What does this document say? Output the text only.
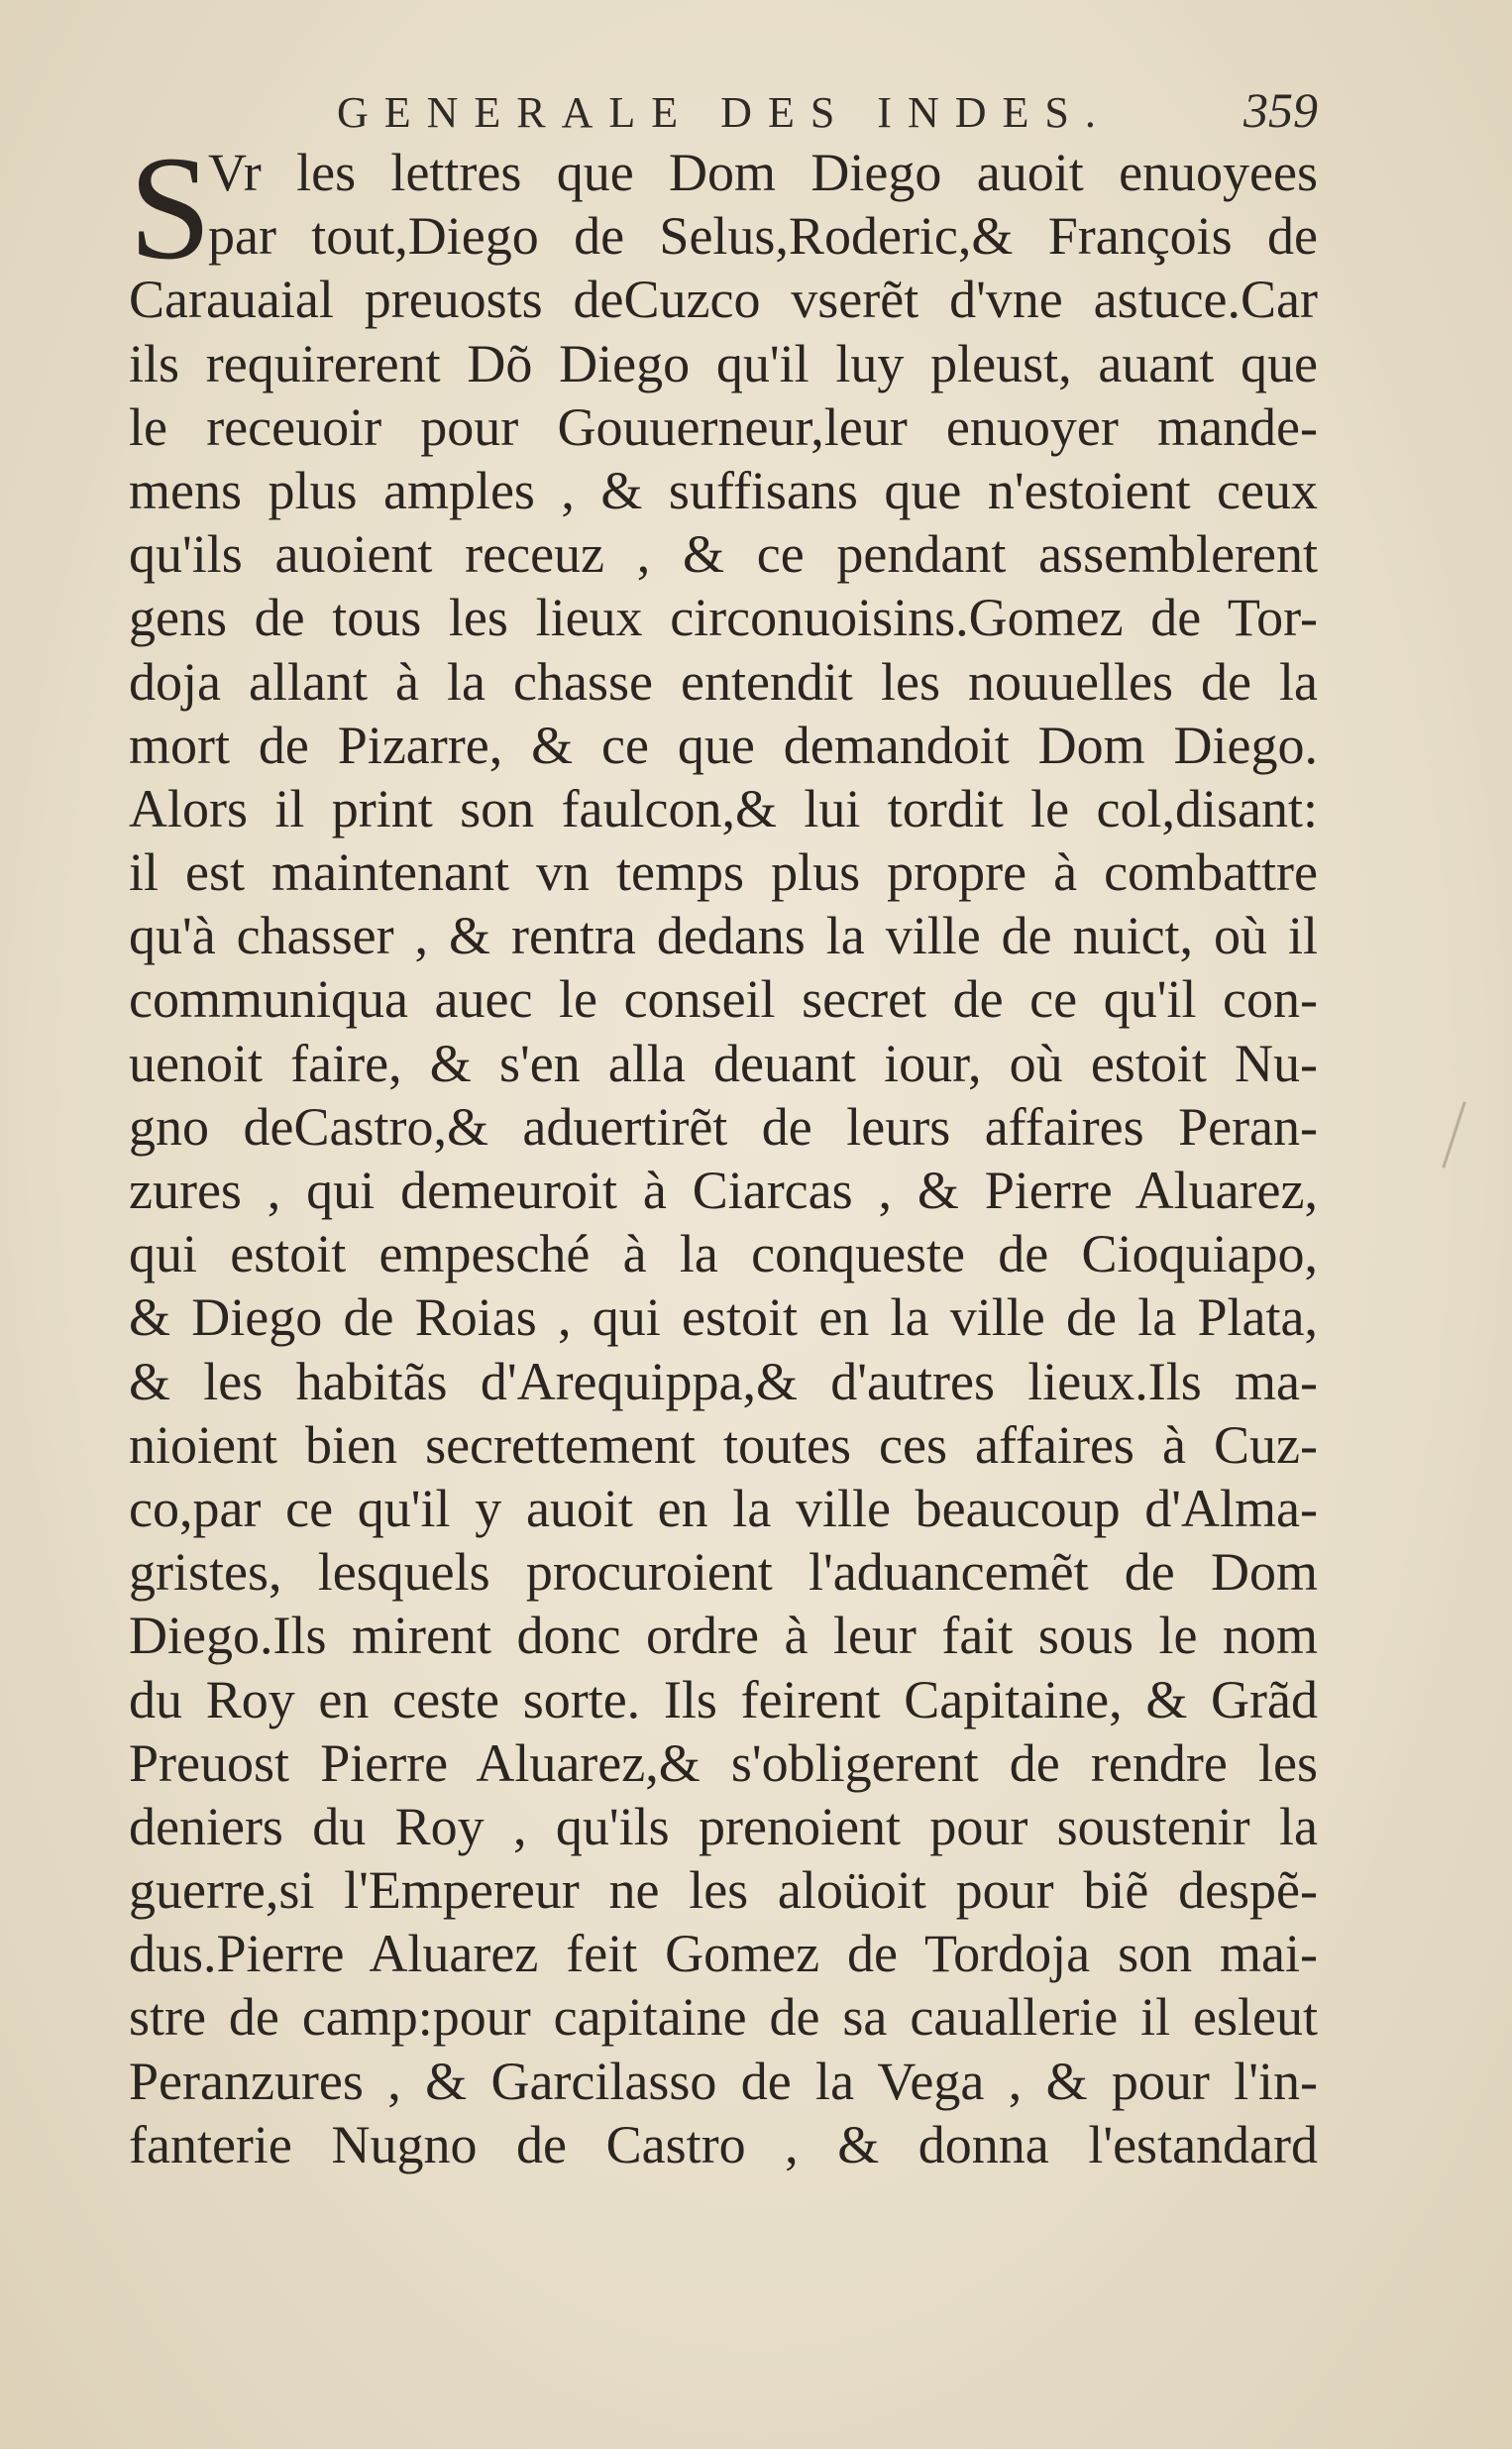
GENERALE DES INDES.	359
S
Vr les lettres que Dom Diego auoit enuoyees
par tout,Diego de Selus,Roderic,& François de
Carauaial preuosts deCuzco vserẽt d'vne astuce.Car
ils requirerent Dõ Diego qu'il luy pleust, auant que
le receuoir pour Gouuerneur,leur enuoyer mande-
mens plus amples , & suffisans que n'estoient ceux
qu'ils auoient receuz , & ce pendant assemblerent
gens de tous les lieux circonuoisins.Gomez de Tor-
doja allant à la chasse entendit les nouuelles de la
mort de Pizarre, & ce que demandoit Dom Diego.
Alors il print son faulcon,& lui tordit le col,disant:
il est maintenant vn temps plus propre à combattre
qu'à chasser , & rentra dedans la ville de nuict, où il
communiqua auec le conseil secret de ce qu'il con-
uenoit faire, & s'en alla deuant iour, où estoit Nu-
gno deCastro,& aduertirẽt de leurs affaires Peran-
zures , qui demeuroit à Ciarcas , & Pierre Aluarez,
qui estoit empesché à la conqueste de Cioquiapo,
& Diego de Roias , qui estoit en la ville de la Plata,
& les habitãs d'Arequippa,& d'autres lieux.Ils ma-
nioient bien secrettement toutes ces affaires à Cuz-
co,par ce qu'il y auoit en la ville beaucoup d'Alma-
gristes, lesquels procuroient l'aduancemẽt de Dom
Diego.Ils mirent donc ordre à leur fait sous le nom
du Roy en ceste sorte. Ils feirent Capitaine, & Grãd
Preuost Pierre Aluarez,& s'obligerent de rendre les
deniers du Roy , qu'ils prenoient pour soustenir la
guerre,si l'Empereur ne les aloüoit pour biẽ despẽ-
dus.Pierre Aluarez feit Gomez de Tordoja son mai-
stre de camp:pour capitaine de sa cauallerie il esleut
Peranzures , & Garcilasso de la Vega , & pour l'in-
fanterie Nugno de Castro , & donna l'estandard
